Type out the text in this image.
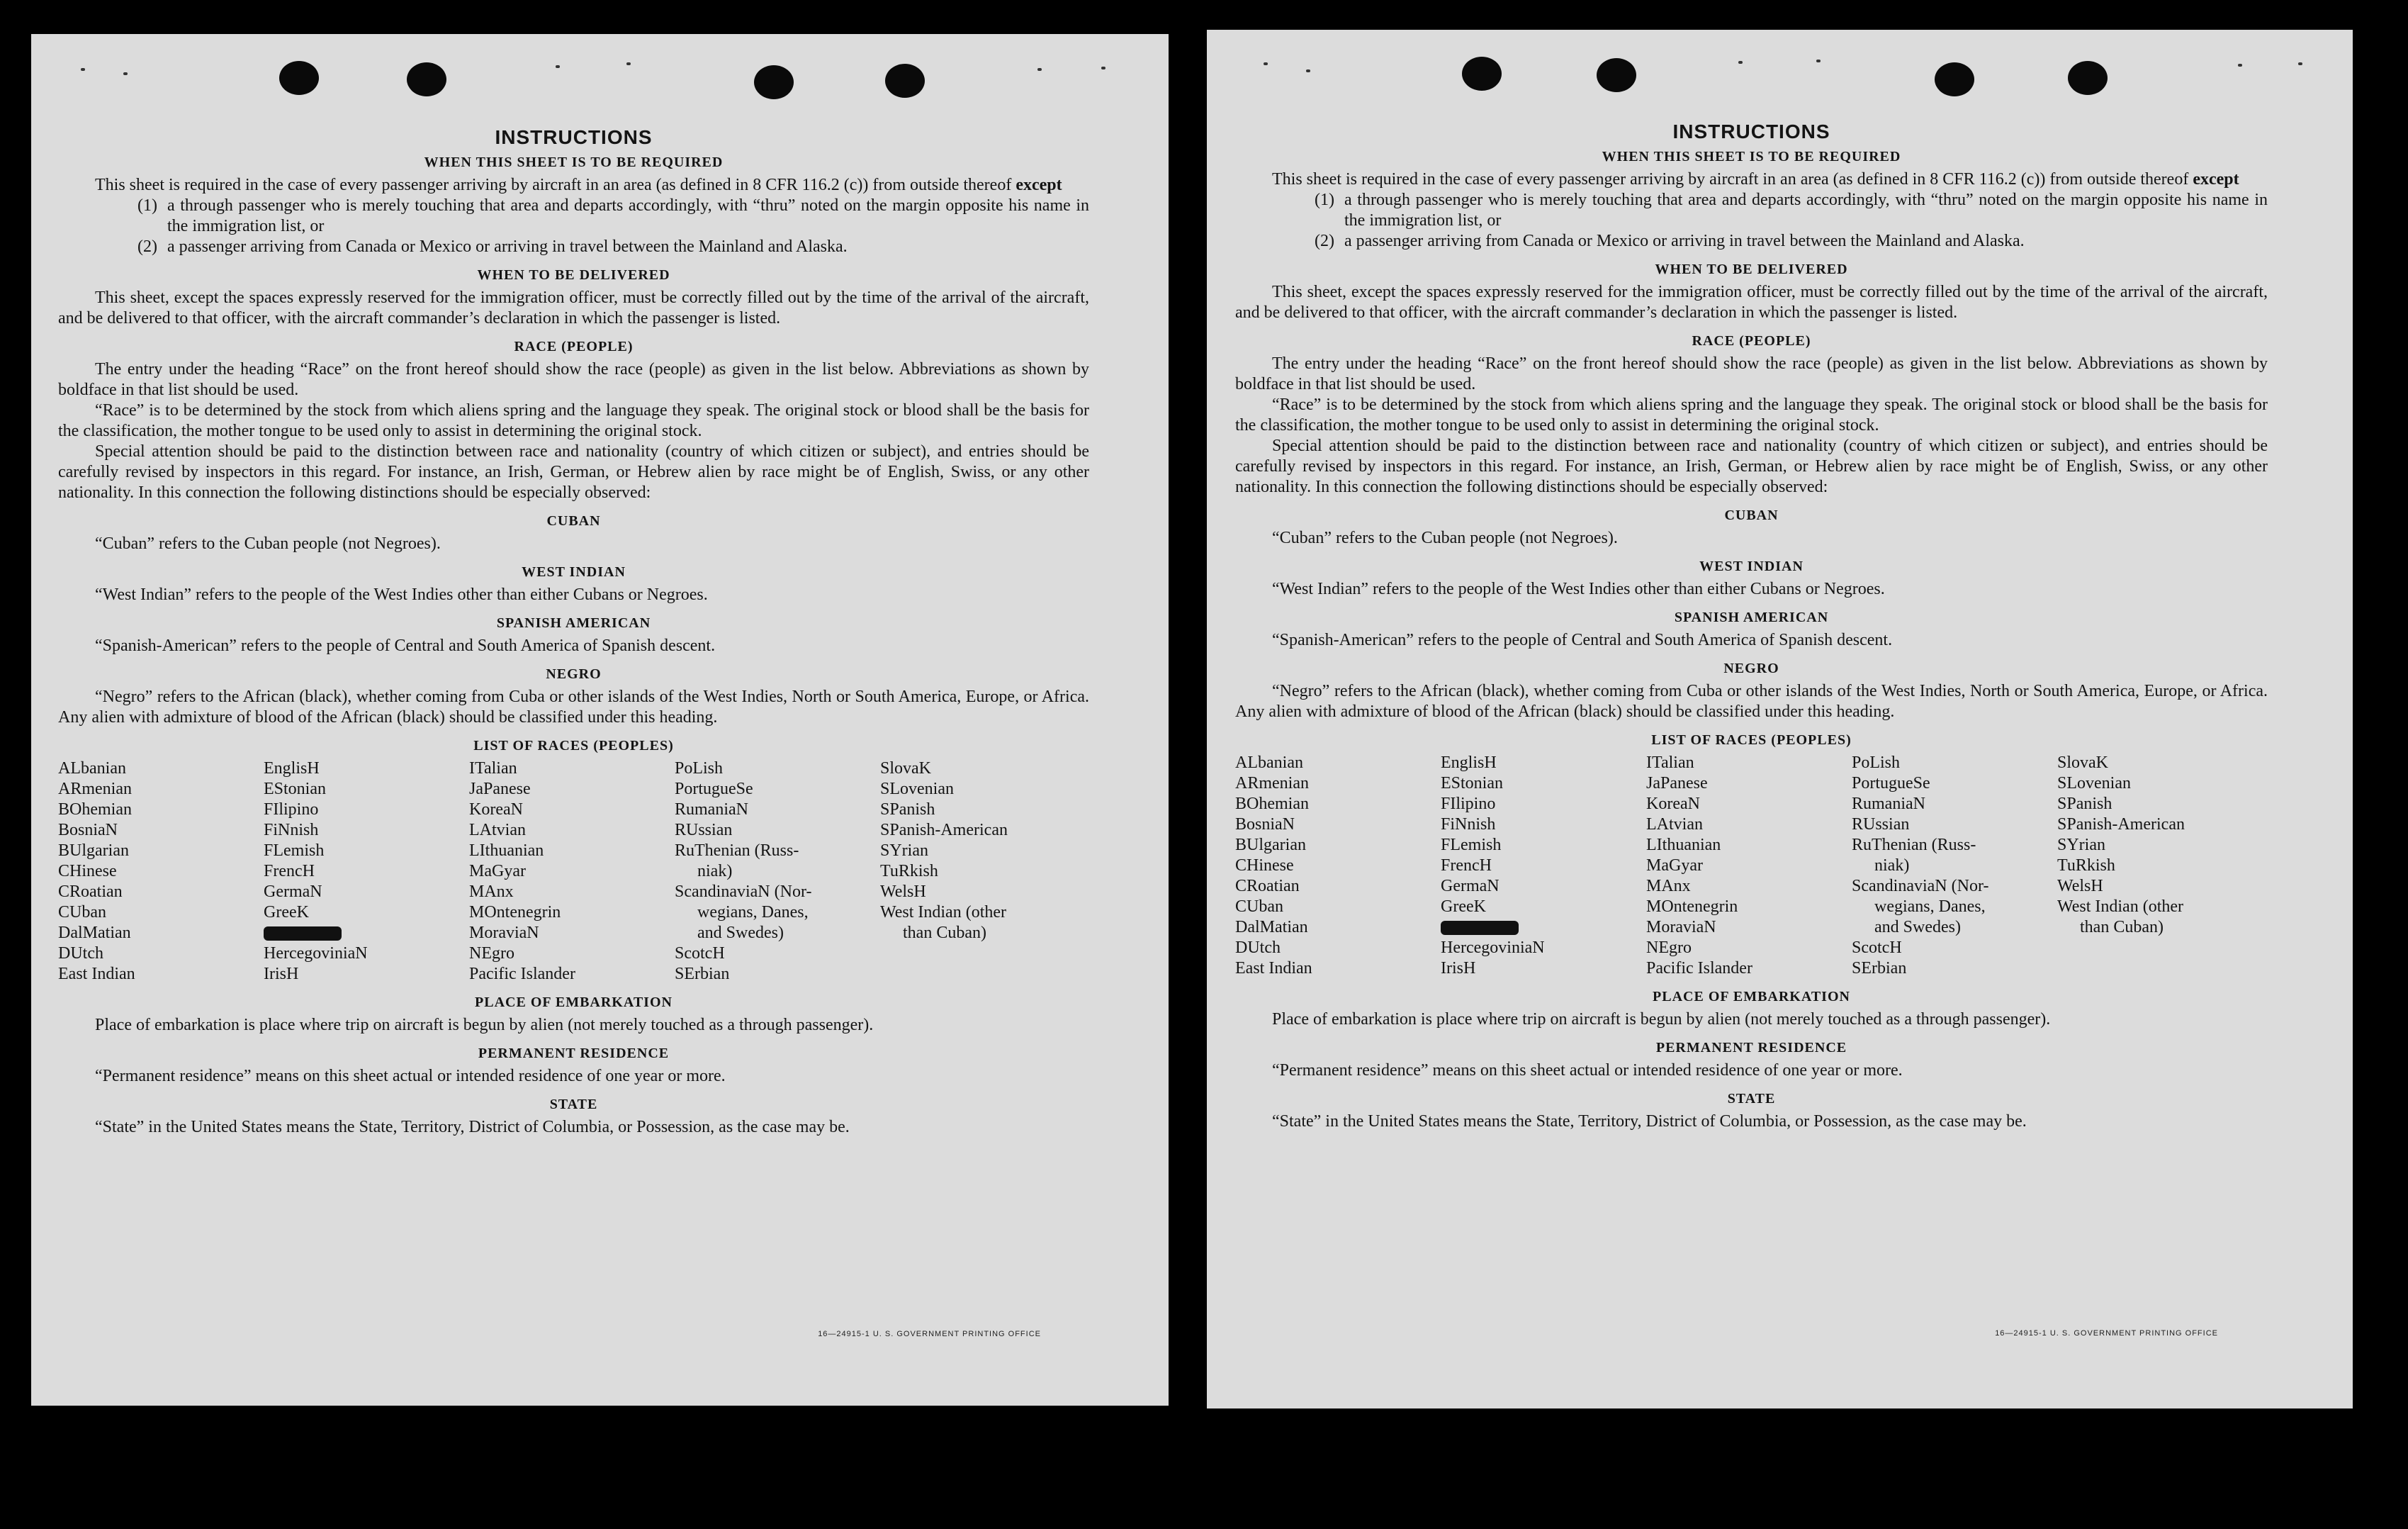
INSTRUCTIONS
WHEN THIS SHEET IS TO BE REQUIRED

This sheet is required in the case of every passenger arriving by aircraft in an area (as defined in 8 CFR 116.2 (c)) from outside thereof except

(1) a through passenger who is merely touching that area and departs accordingly, with “thru” noted on the margin opposite his name in the immigration list, or
(2) a passenger arriving from Canada or Mexico or arriving in travel between the Mainland and Alaska.
WHEN TO BE DELIVERED

This sheet, except the spaces expressly reserved for the immigration officer, must be correctly filled out by the time of the arrival of the aircraft, and be delivered to that officer, with the aircraft commander’s declaration in which the passenger is listed.

RACE (PEOPLE)

The entry under the heading “Race” on the front hereof should show the race (people) as given in the list below. Abbreviations as shown by boldface in that list should be used.

“Race” is to be determined by the stock from which aliens spring and the language they speak. The original stock or blood shall be the basis for the classification, the mother tongue to be used only to assist in determining the original stock.

Special attention should be paid to the distinction between race and nationality (country of which citizen or subject), and entries should be carefully revised by inspectors in this regard. For instance, an Irish, German, or Hebrew alien by race might be of English, Swiss, or any other nationality. In this connection the following distinctions should be especially observed:

CUBAN

“Cuban” refers to the Cuban people (not Negroes).

WEST INDIAN

“West Indian” refers to the people of the West Indies other than either Cubans or Negroes.

SPANISH AMERICAN

“Spanish-American” refers to the people of Central and South America of Spanish descent.

NEGRO

“Negro” refers to the African (black), whether coming from Cuba or other islands of the West Indies, North or South America, Europe, or Africa. Any alien with admixture of blood of the African (black) should be classified under this heading.

LIST OF RACES (PEOPLES)
ALbanian
ARmenian
BOhemian
BosniaN
BUlgarian
CHinese
CRoatian
CUban
DalMatian
DUtch
East Indian
EnglisH
EStonian
FIlipino
FiNnish
FLemish
FrencH
GermaN
GreeK
HercegoviniaN
IrisH
ITalian
JaPanese
KoreaN
LAtvian
LIthuanian
MaGyar
MAnx
MOntenegrin
MoraviaN
NEgro
Pacific Islander
PoLish
PortugueSe
RumaniaN
RUssian
RuThenian (Russ-
niak)
ScandinaviaN (Nor-
wegians, Danes,
and Swedes)
ScotcH
SErbian
SlovaK
SLovenian
SPanish
SPanish-American
SYrian
TuRkish
WelsH
West Indian (other
than Cuban)
PLACE OF EMBARKATION

Place of embarkation is place where trip on aircraft is begun by alien (not merely touched as a through passenger).

PERMANENT RESIDENCE

“Permanent residence” means on this sheet actual or intended residence of one year or more.

STATE

“State” in the United States means the State, Territory, District of Columbia, or Possession, as the case may be.

16—24915-1 U. S. GOVERNMENT PRINTING OFFICE
INSTRUCTIONS
WHEN THIS SHEET IS TO BE REQUIRED

This sheet is required in the case of every passenger arriving by aircraft in an area (as defined in 8 CFR 116.2 (c)) from outside thereof except

(1) a through passenger who is merely touching that area and departs accordingly, with “thru” noted on the margin opposite his name in the immigration list, or
(2) a passenger arriving from Canada or Mexico or arriving in travel between the Mainland and Alaska.
WHEN TO BE DELIVERED

This sheet, except the spaces expressly reserved for the immigration officer, must be correctly filled out by the time of the arrival of the aircraft, and be delivered to that officer, with the aircraft commander’s declaration in which the passenger is listed.

RACE (PEOPLE)

The entry under the heading “Race” on the front hereof should show the race (people) as given in the list below. Abbreviations as shown by boldface in that list should be used.

“Race” is to be determined by the stock from which aliens spring and the language they speak. The original stock or blood shall be the basis for the classification, the mother tongue to be used only to assist in determining the original stock.

Special attention should be paid to the distinction between race and nationality (country of which citizen or subject), and entries should be carefully revised by inspectors in this regard. For instance, an Irish, German, or Hebrew alien by race might be of English, Swiss, or any other nationality. In this connection the following distinctions should be especially observed:

CUBAN

“Cuban” refers to the Cuban people (not Negroes).

WEST INDIAN

“West Indian” refers to the people of the West Indies other than either Cubans or Negroes.

SPANISH AMERICAN

“Spanish-American” refers to the people of Central and South America of Spanish descent.

NEGRO

“Negro” refers to the African (black), whether coming from Cuba or other islands of the West Indies, North or South America, Europe, or Africa. Any alien with admixture of blood of the African (black) should be classified under this heading.

LIST OF RACES (PEOPLES)
ALbanian
ARmenian
BOhemian
BosniaN
BUlgarian
CHinese
CRoatian
CUban
DalMatian
DUtch
East Indian
EnglisH
EStonian
FIlipino
FiNnish
FLemish
FrencH
GermaN
GreeK
HercegoviniaN
IrisH
ITalian
JaPanese
KoreaN
LAtvian
LIthuanian
MaGyar
MAnx
MOntenegrin
MoraviaN
NEgro
Pacific Islander
PoLish
PortugueSe
RumaniaN
RUssian
RuThenian (Russ-
niak)
ScandinaviaN (Nor-
wegians, Danes,
and Swedes)
ScotcH
SErbian
SlovaK
SLovenian
SPanish
SPanish-American
SYrian
TuRkish
WelsH
West Indian (other
than Cuban)
PLACE OF EMBARKATION

Place of embarkation is place where trip on aircraft is begun by alien (not merely touched as a through passenger).

PERMANENT RESIDENCE

“Permanent residence” means on this sheet actual or intended residence of one year or more.

STATE

“State” in the United States means the State, Territory, District of Columbia, or Possession, as the case may be.

16—24915-1 U. S. GOVERNMENT PRINTING OFFICE
